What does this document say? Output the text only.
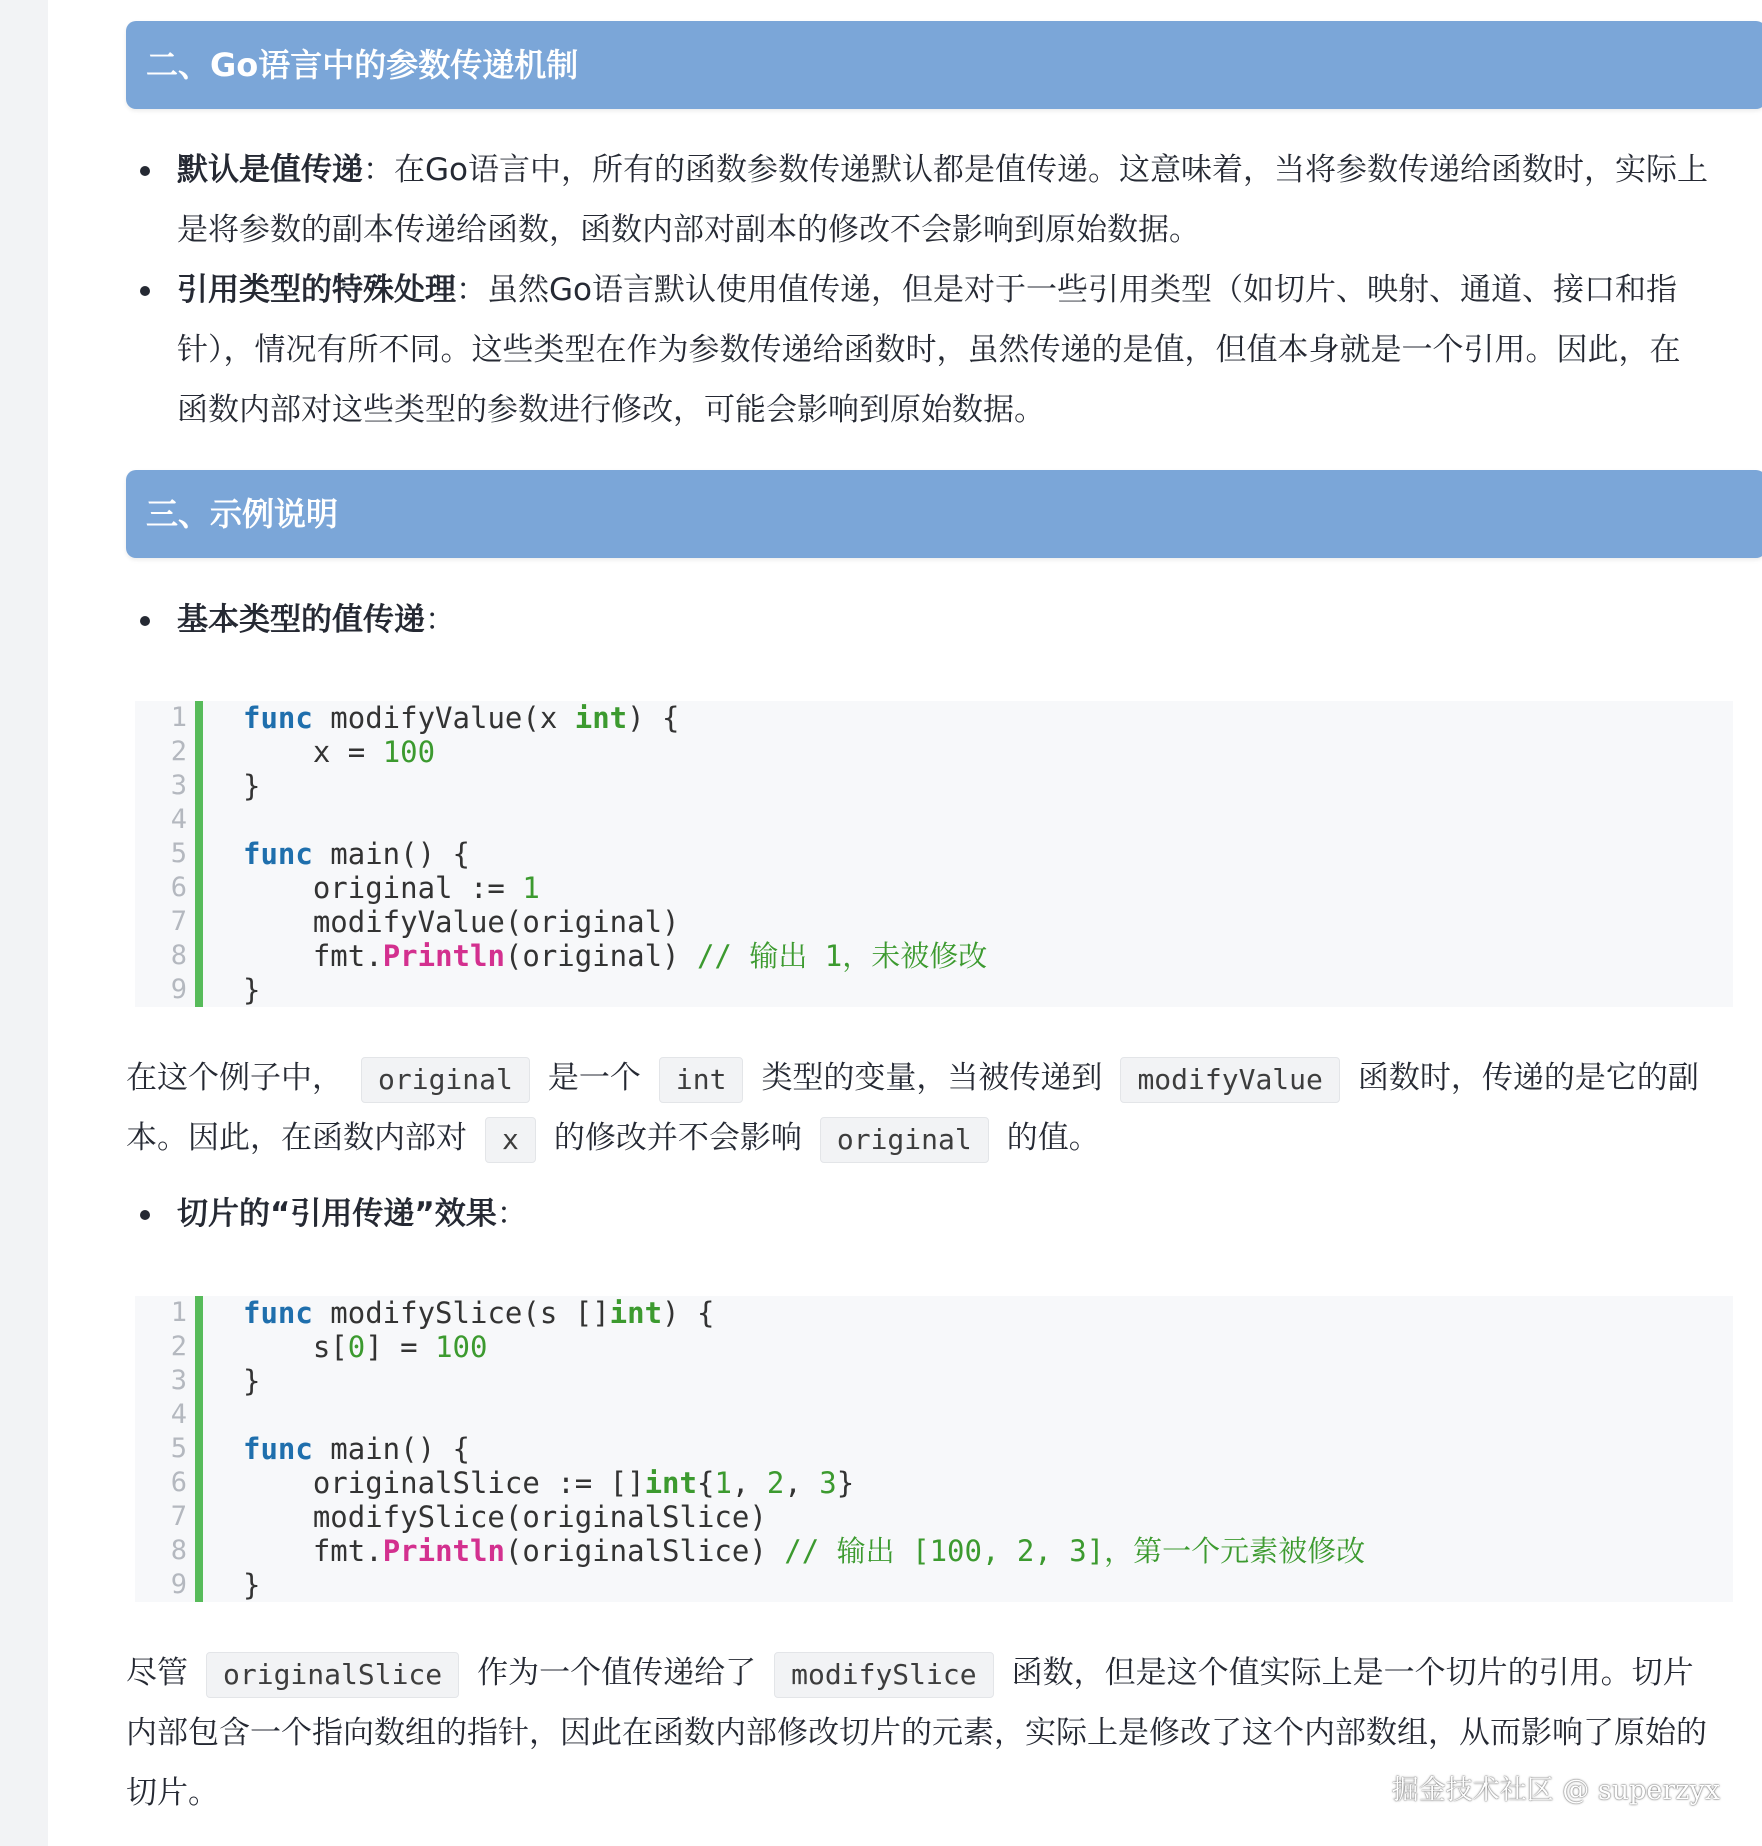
二、Go语言中的参数传递机制
默认是值传递：在Go语言中，所有的函数参数传递默认都是值传递。这意味着，当将参数传递给函数时，实际上
是将参数的副本传递给函数，函数内部对副本的修改不会影响到原始数据。
引用类型的特殊处理：虽然Go语言默认使用值传递，但是对于一些引用类型（如切片、映射、通道、接口和指
针），情况有所不同。这些类型在作为参数传递给函数时，虽然传递的是值，但值本身就是一个引用。因此，在
函数内部对这些类型的参数进行修改，可能会影响到原始数据。
三、示例说明
基本类型的值传递：
1
2
3
4
5
6
7
8
9
func modifyValue(x int) {
x = 100
}
func main() {
original := 1
modifyValue(original)
fmt.Println(original) // 输出 1，未被修改
}
在这个例子中， original 是一个 int 类型的变量，当被传递到 modifyValue 函数时，传递的是它的副
本。因此，在函数内部对 x 的修改并不会影响 original 的值。
切片的“引用传递”效果：
1
2
3
4
5
6
7
8
9
func modifySlice(s []int) {
s[0] = 100
}
func main() {
originalSlice := []int{1, 2, 3}
modifySlice(originalSlice)
fmt.Println(originalSlice) // 输出 [100, 2, 3]，第一个元素被修改
}
尽管 originalSlice 作为一个值传递给了 modifySlice 函数，但是这个值实际上是一个切片的引用。切片
内部包含一个指向数组的指针，因此在函数内部修改切片的元素，实际上是修改了这个内部数组，从而影响了原始的
切片。	掘金技术社区 @ superzyx
